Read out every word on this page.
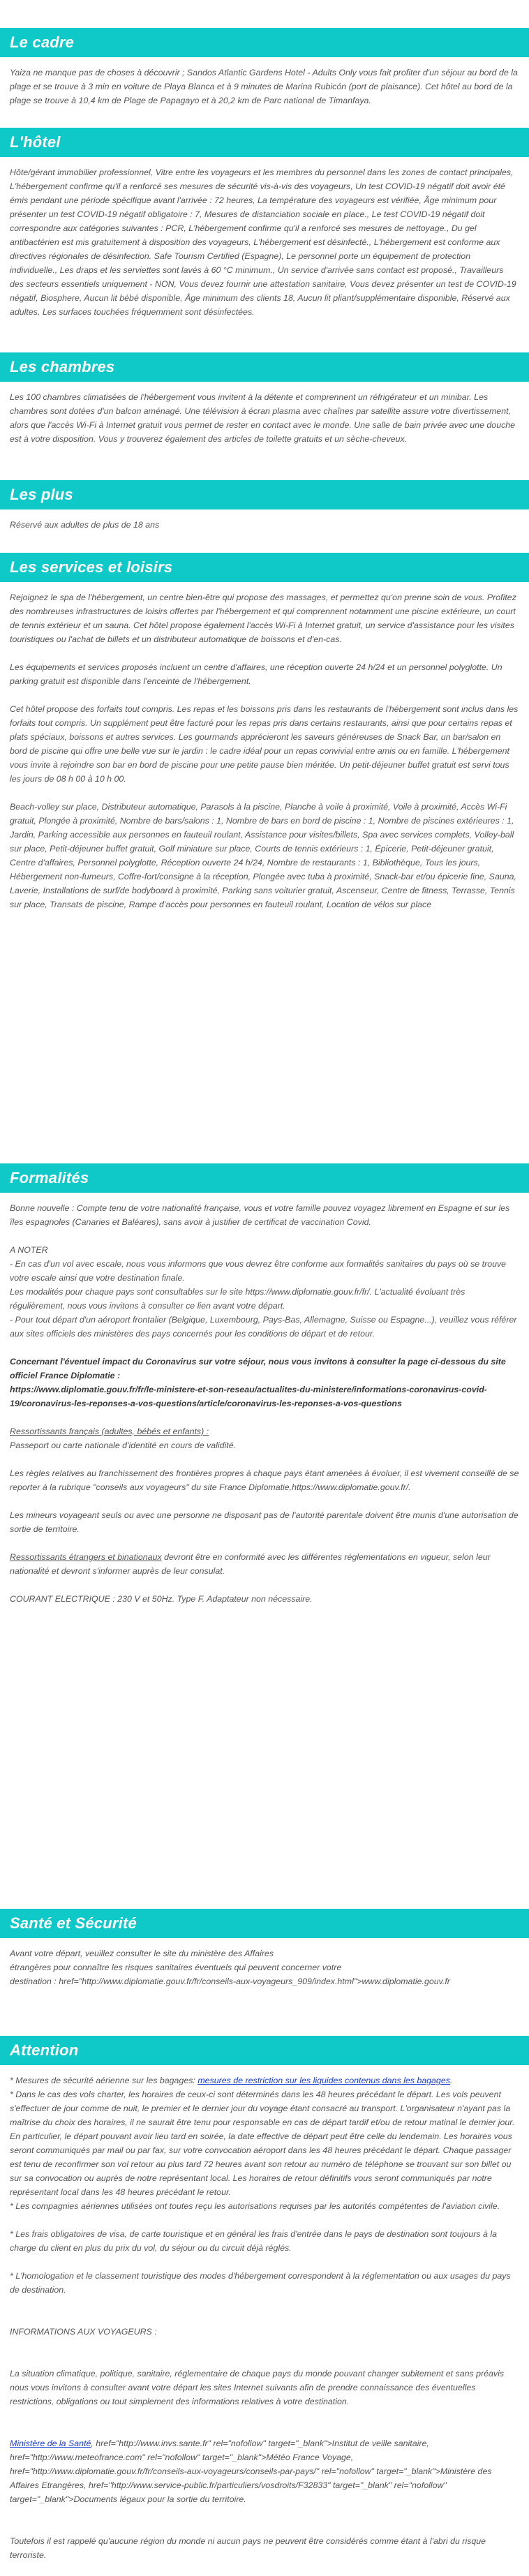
Le cadre

Yaiza ne manque pas de choses à découvrir ; Sandos Atlantic Gardens Hotel - Adults Only vous fait profiter d'un séjour au bord de la plage et se trouve à 3 min en voiture de Playa Blanca et à 9 minutes de Marina Rubicón (port de plaisance). Cet hôtel au bord de la plage se trouve à 10,4 km de Plage de Papagayo et à 20,2 km de Parc national de Timanfaya.

L'hôtel

Hôte/gérant immobilier professionnel, Vitre entre les voyageurs et les membres du personnel dans les zones de contact principales, L'hébergement confirme qu'il a renforcé ses mesures de sécurité vis-à-vis des voyageurs, Un test COVID-19 négatif doit avoir été émis pendant une période spécifique avant l'arrivée : 72 heures, La température des voyageurs est vérifiée, Âge minimum pour présenter un test COVID-19 négatif obligatoire : 7, Mesures de distanciation sociale en place., Le test COVID-19 négatif doit correspondre aux catégories suivantes : PCR, L'hébergement confirme qu'il a renforcé ses mesures de nettoyage., Du gel antibactérien est mis gratuitement à disposition des voyageurs, L'hébergement est désinfecté., L'hébergement est conforme aux directives régionales de désinfection. Safe Tourism Certified (Espagne), Le personnel porte un équipement de protection individuelle., Les draps et les serviettes sont lavés à 60 °C minimum., Un service d'arrivée sans contact est proposé., Travailleurs des secteurs essentiels uniquement - NON, Vous devez fournir une attestation sanitaire, Vous devez présenter un test de COVID-19 négatif, Biosphere, Aucun lit bébé disponible, Âge minimum des clients 18, Aucun lit pliant/supplémentaire disponible, Réservé aux adultes, Les surfaces touchées fréquemment sont désinfectées.

Les chambres

Les 100 chambres climatisées de l'hébergement vous invitent à la détente et comprennent un réfrigérateur et un minibar. Les chambres sont dotées d'un balcon aménagé. Une télévision à écran plasma avec chaînes par satellite assure votre divertissement, alors que l'accès Wi-Fi à Internet gratuit vous permet de rester en contact avec le monde. Une salle de bain privée avec une douche est à votre disposition. Vous y trouverez également des articles de toilette gratuits et un sèche-cheveux.

Les plus

Réservé aux adultes de plus de 18 ans

Les services et loisirs

Rejoignez le spa de l'hébergement, un centre bien-être qui propose des massages, et permettez qu'on prenne soin de vous. Profitez des nombreuses infrastructures de loisirs offertes par l'hébergement et qui comprennent notamment une piscine extérieure, un court de tennis extérieur et un sauna. Cet hôtel propose également l'accès Wi-Fi à Internet gratuit, un service d'assistance pour les visites touristiques ou l'achat de billets et un distributeur automatique de boissons et d'en-cas.

Les équipements et services proposés incluent un centre d'affaires, une réception ouverte 24 h/24 et un personnel polyglotte. Un parking gratuit est disponible dans l'enceinte de l'hébergement.

Cet hôtel propose des forfaits tout compris. Les repas et les boissons pris dans les restaurants de l'hébergement sont inclus dans les forfaits tout compris. Un supplément peut être facturé pour les repas pris dans certains restaurants, ainsi que pour certains repas et plats spéciaux, boissons et autres services. Les gourmands apprécieront les saveurs généreuses de Snack Bar, un bar/salon en bord de piscine qui offre une belle vue sur le jardin : le cadre idéal pour un repas convivial entre amis ou en famille. L'hébergement vous invite à rejoindre son bar en bord de piscine pour une petite pause bien méritée. Un petit-déjeuner buffet gratuit est servi tous les jours de 08 h 00 à 10 h 00.

Beach-volley sur place, Distributeur automatique, Parasols à la piscine, Planche à voile à proximité, Voile à proximité, Accès Wi-Fi gratuit, Plongée à proximité, Nombre de bars/salons : 1, Nombre de bars en bord de piscine : 1, Nombre de piscines extérieures : 1, Jardin, Parking accessible aux personnes en fauteuil roulant, Assistance pour visites/billets, Spa avec services complets, Volley-ball sur place, Petit-déjeuner buffet gratuit, Golf miniature sur place, Courts de tennis extérieurs : 1, Épicerie, Petit-déjeuner gratuit, Centre d'affaires, Personnel polyglotte, Réception ouverte 24 h/24, Nombre de restaurants : 1, Bibliothèque, Tous les jours, Hébergement non-fumeurs, Coffre-fort/consigne à la réception, Plongée avec tuba à proximité, Snack-bar et/ou épicerie fine, Sauna, Laverie, Installations de surf/de bodyboard à proximité, Parking sans voiturier gratuit, Ascenseur, Centre de fitness, Terrasse, Tennis sur place, Transats de piscine, Rampe d'accès pour personnes en fauteuil roulant, Location de vélos sur place

Formalités

Bonne nouvelle : Compte tenu de votre nationalité française, vous et votre famille pouvez voyagez librement en Espagne et sur les îles espagnoles (Canaries et Baléares), sans avoir à justifier de certificat de vaccination Covid.

A NOTER

- En cas d'un vol avec escale, nous vous informons que vous devrez être conforme aux formalités sanitaires du pays où se trouve votre escale ainsi que votre destination finale.

Les modalités pour chaque pays sont consultables sur le site https://www.diplomatie.gouv.fr/fr/. L'actualité évoluant très régulièrement, nous vous invitons à consulter ce lien avant votre départ.

- Pour tout départ d'un aéroport frontalier (Belgique, Luxembourg, Pays-Bas, Allemagne, Suisse ou Espagne...), veuillez vous référer aux sites officiels des ministères des pays concernés pour les conditions de départ et de retour.

Concernant l'éventuel impact du Coronavirus sur votre séjour, nous vous invitons à consulter la page ci-dessous du site officiel France Diplomatie :

https://www.diplomatie.gouv.fr/fr/le-ministere-et-son-reseau/actualites-du-ministere/informations-coronavirus-covid-19/coronavirus-les-reponses-a-vos-questions/article/coronavirus-les-reponses-a-vos-questions

Ressortissants français (adultes, bébés et enfants) :

Passeport ou carte nationale d'identité en cours de validité.

Les règles relatives au franchissement des frontières propres à chaque pays étant amenées à évoluer, il est vivement conseillé de se reporter à la rubrique "conseils aux voyageurs" du site France Diplomatie,https://www.diplomatie.gouv.fr/.

Les mineurs voyageant seuls ou avec une personne ne disposant pas de l'autorité parentale doivent être munis d'une autorisation de sortie de territoire.

Ressortissants étrangers et binationaux devront être en conformité avec les différentes réglementations en vigueur, selon leur nationalité et devront s'informer auprès de leur consulat.

COURANT ELECTRIQUE : 230 V et 50Hz. Type F. Adaptateur non nécessaire.

Santé et Sécurité

Avant votre départ, veuillez consulter le site du ministère des Affaires

étrangères pour connaître les risques sanitaires éventuels qui peuvent concerner votre

destination : href="http://www.diplomatie.gouv.fr/fr/conseils-aux-voyageurs_909/index.html">www.diplomatie.gouv.fr

Attention

* Mesures de sécurité aérienne sur les bagages: mesures de restriction sur les liquides contenus dans les bagages.

* Dans le cas des vols charter, les horaires de ceux-ci sont déterminés dans les 48 heures précédant le départ. Les vols peuvent s'effectuer de jour comme de nuit, le premier et le dernier jour du voyage étant consacré au transport. L'organisateur n'ayant pas la maîtrise du choix des horaires, il ne saurait être tenu pour responsable en cas de départ tardif et/ou de retour matinal le dernier jour. En particulier, le départ pouvant avoir lieu tard en soirée, la date effective de départ peut être celle du lendemain. Les horaires vous seront communiqués par mail ou par fax, sur votre convocation aéroport dans les 48 heures précédant le départ. Chaque passager est tenu de reconfirmer son vol retour au plus tard 72 heures avant son retour au numéro de téléphone se trouvant sur son billet ou sur sa convocation ou auprès de notre représentant local. Les horaires de retour définitifs vous seront communiqués par notre représentant local dans les 48 heures précédant le retour.

* Les compagnies aériennes utilisées ont toutes reçu les autorisations requises par les autorités compétentes de l'aviation civile.

* Les frais obligatoires de visa, de carte touristique et en général les frais d'entrée dans le pays de destination sont toujours à la charge du client en plus du prix du vol, du séjour ou du circuit déjà réglés.

* L'homologation et le classement touristique des modes d'hébergement correspondent à la réglementation ou aux usages du pays de destination.

INFORMATIONS AUX VOYAGEURS :

La situation climatique, politique, sanitaire, réglementaire de chaque pays du monde pouvant changer subitement et sans préavis

nous vous invitons à consulter avant votre départ les sites Internet suivants afin de prendre connaissance des éventuelles restrictions, obligations ou tout simplement des informations relatives à votre destination.

Ministère de la Santé, href="http://www.invs.sante.fr" rel="nofollow" target="_blank">Institut de veille sanitaire, href="http://www.meteofrance.com" rel="nofollow" target="_blank">Météo France Voyage, href="http://www.diplomatie.gouv.fr/fr/conseils-aux-voyageurs/conseils-par-pays/" rel="nofollow" target="_blank">Ministère des Affaires Etrangères, href="http://www.service-public.fr/particuliers/vosdroits/F32833" target="_blank" rel="nofollow" target="_blank">Documents légaux pour la sortie du territoire.

Toutefois il est rappelé qu'aucune région du monde ni aucun pays ne peuvent être considérés comme étant à l'abri du risque terroriste.
